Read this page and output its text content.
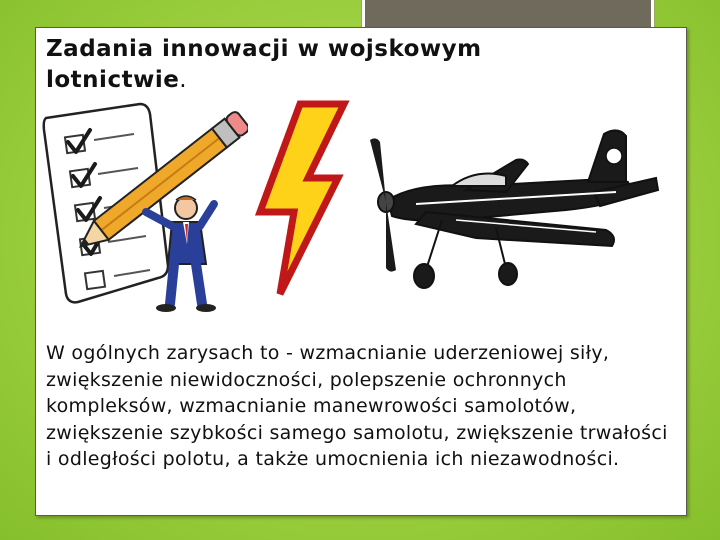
Zadania innowacji w wojskowym lotnictwie.
W ogólnych zarysach to - wzmacnianie uderzeniowej siły, zwiększenie niewidoczności, polepszenie ochronnych kompleksów, wzmacnianie manewrowości samolotów, zwiększenie szybkości samego samolotu, zwiększenie trwałości i odległości polotu, a także umocnienia ich niezawodności.
